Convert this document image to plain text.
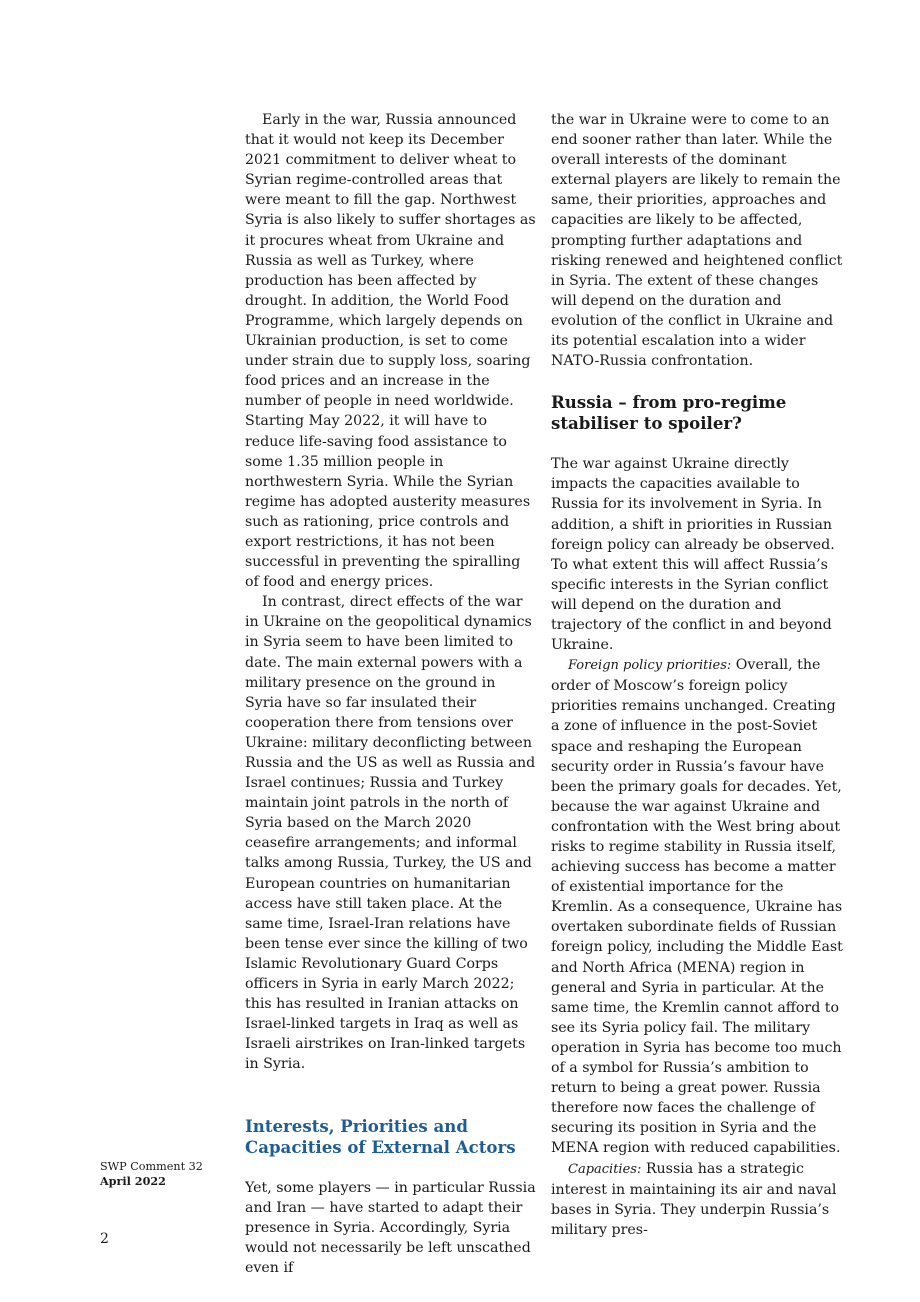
Early in the war, Russia announced that it would not keep its December 2021 commitment to deliver wheat to Syrian regime-controlled areas that were meant to fill the gap. Northwest Syria is also likely to suffer shortages as it procures wheat from Ukraine and Russia as well as Turkey, where production has been affected by drought. In addition, the World Food Programme, which largely depends on Ukrainian production, is set to come under strain due to supply loss, soaring food prices and an increase in the number of people in need worldwide. Starting May 2022, it will have to reduce life-saving food assistance to some 1.35 million people in northwestern Syria. While the Syrian regime has adopted austerity measures such as rationing, price controls and export restrictions, it has not been successful in preventing the spiralling of food and energy prices.

In contrast, direct effects of the war in Ukraine on the geopolitical dynamics in Syria seem to have been limited to date. The main external powers with a military presence on the ground in Syria have so far insulated their cooperation there from tensions over Ukraine: military deconflicting between Russia and the US as well as Russia and Israel continues; Russia and Turkey maintain joint patrols in the north of Syria based on the March 2020 ceasefire arrangements; and informal talks among Russia, Turkey, the US and European countries on humanitarian access have still taken place. At the same time, Israel-Iran relations have been tense ever since the killing of two Islamic Revolutionary Guard Corps officers in Syria in early March 2022; this has resulted in Iranian attacks on Israel-linked targets in Iraq as well as Israeli airstrikes on Iran-linked targets in Syria.

Interests, Priorities and Capacities of External Actors

Yet, some players — in particular Russia and Iran — have started to adapt their presence in Syria. Accordingly, Syria would not necessarily be left unscathed even if

the war in Ukraine were to come to an end sooner rather than later. While the overall interests of the dominant external players are likely to remain the same, their priorities, approaches and capacities are likely to be affected, prompting further adaptations and risking renewed and heightened conflict in Syria. The extent of these changes will depend on the duration and evolution of the conflict in Ukraine and its potential escalation into a wider NATO-Russia confrontation.

Russia – from pro-regime stabiliser to spoiler?

The war against Ukraine directly impacts the capacities available to Russia for its involvement in Syria. In addition, a shift in priorities in Russian foreign policy can already be observed. To what extent this will affect Russia’s specific interests in the Syrian conflict will depend on the duration and trajectory of the conflict in and beyond Ukraine.

Foreign policy priorities: Overall, the order of Moscow’s foreign policy priorities remains unchanged. Creating a zone of influence in the post-Soviet space and reshaping the European security order in Russia’s favour have been the primary goals for decades. Yet, because the war against Ukraine and confrontation with the West bring about risks to regime stability in Russia itself, achieving success has become a matter of existential importance for the Kremlin. As a consequence, Ukraine has overtaken subordinate fields of Russian foreign policy, including the Middle East and North Africa (MENA) region in general and Syria in particular. At the same time, the Kremlin cannot afford to see its Syria policy fail. The military operation in Syria has become too much of a symbol for Russia’s ambition to return to being a great power. Russia therefore now faces the challenge of securing its position in Syria and the MENA region with reduced capabilities.

Capacities: Russia has a strategic interest in maintaining its air and naval bases in Syria. They underpin Russia’s military pres-

SWP Comment 32
April 2022
2
